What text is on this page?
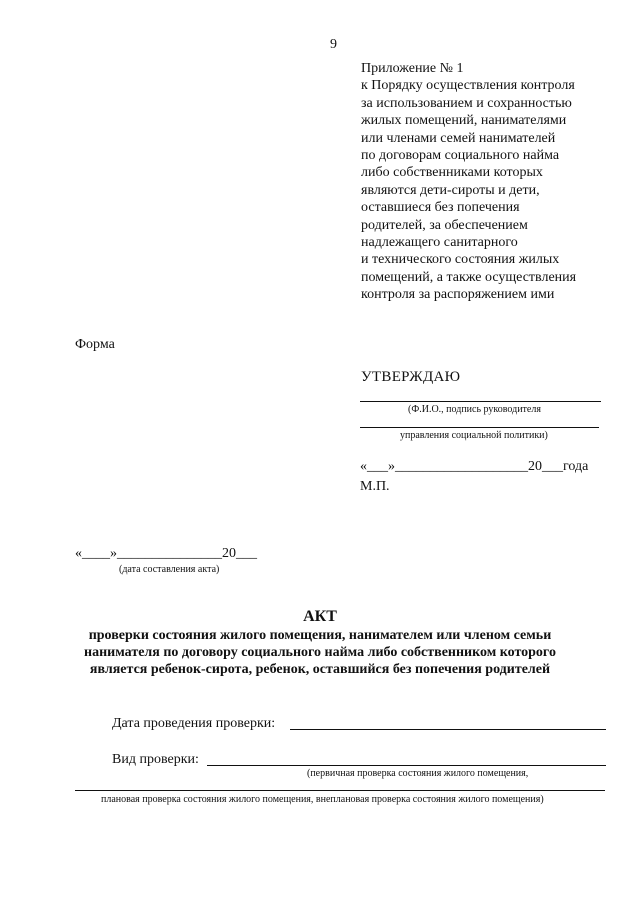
9
Приложение № 1
к Порядку осуществления контроля
за использованием и сохранностью
жилых помещений, нанимателями
или членами семей нанимателей
по договорам социального найма
либо собственниками которых
являются дети-сироты и дети,
оставшиеся без попечения
родителей, за обеспечением
надлежащего санитарного
и технического состояния жилых
помещений, а также осуществления
контроля за распоряжением ими
Форма
УТВЕРЖДАЮ
(Ф.И.О., подпись руководителя
управления социальной политики)
«___»___________________20___года
М.П.
«____»_______________20___
(дата составления акта)
АКТ
проверки состояния жилого помещения, нанимателем или членом семьи
нанимателя по договору социального найма либо собственником которого
является ребенок-сирота, ребенок, оставшийся без попечения родителей
Дата проведения проверки:
Вид проверки:
(первичная проверка состояния жилого помещения,
плановая проверка состояния жилого помещения, внеплановая проверка состояния жилого помещения)
